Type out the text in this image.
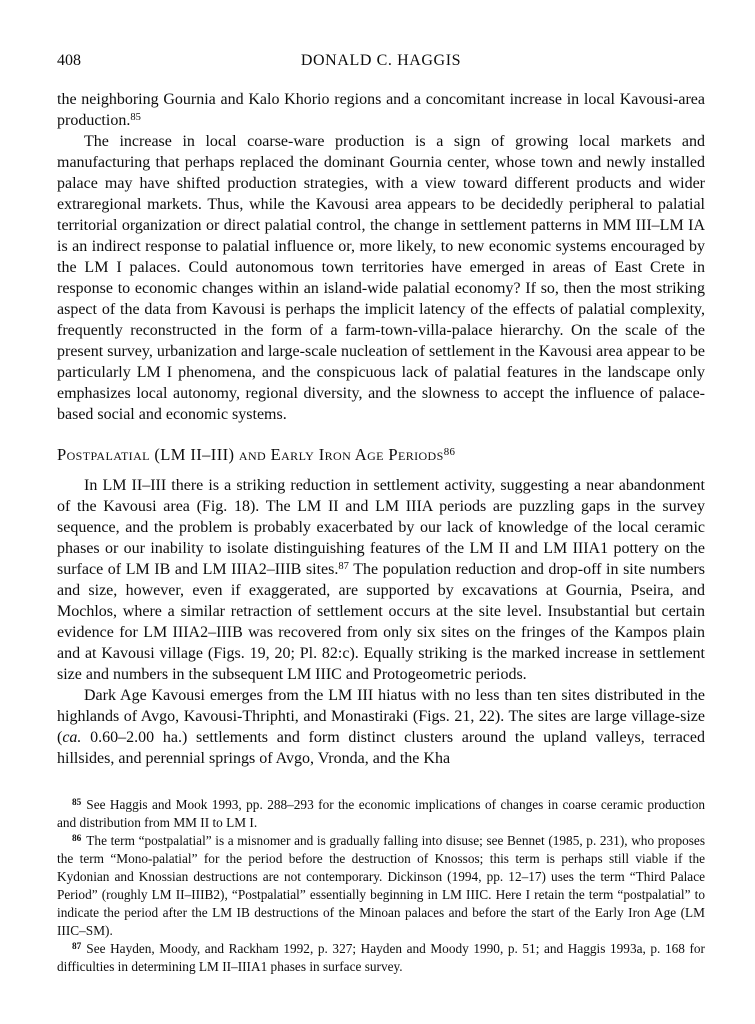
408	DONALD C. HAGGIS

the neighboring Gournia and Kalo Khorio regions and a concomitant increase in local Kavousi-area production.$^{85}$

The increase in local coarse-ware production is a sign of growing local markets and manufacturing that perhaps replaced the dominant Gournia center, whose town and newly installed palace may have shifted production strategies, with a view toward different products and wider extraregional markets. Thus, while the Kavousi area appears to be decidedly peripheral to palatial territorial organization or direct palatial control, the change in settlement patterns in MM III–LM IA is an indirect response to palatial influence or, more likely, to new economic systems encouraged by the LM I palaces. Could autonomous town territories have emerged in areas of East Crete in response to economic changes within an island-wide palatial economy? If so, then the most striking aspect of the data from Kavousi is perhaps the implicit latency of the effects of palatial complexity, frequently reconstructed in the form of a farm-town-villa-palace hierarchy. On the scale of the present survey, urbanization and large-scale nucleation of settlement in the Kavousi area appear to be particularly LM I phenomena, and the conspicuous lack of palatial features in the landscape only emphasizes local autonomy, regional diversity, and the slowness to accept the influence of palace-based social and economic systems.

Postpalatial (LM II–III) and Early Iron Age Periods$^{86}$

In LM II–III there is a striking reduction in settlement activity, suggesting a near abandonment of the Kavousi area (Fig. 18). The LM II and LM IIIA periods are puzzling gaps in the survey sequence, and the problem is probably exacerbated by our lack of knowledge of the local ceramic phases or our inability to isolate distinguishing features of the LM II and LM IIIA1 pottery on the surface of LM IB and LM IIIA2–IIIB sites.$^{87}$ The population reduction and drop-off in site numbers and size, however, even if exaggerated, are supported by excavations at Gournia, Pseira, and Mochlos, where a similar retraction of settlement occurs at the site level. Insubstantial but certain evidence for LM IIIA2–IIIB was recovered from only six sites on the fringes of the Kampos plain and at Kavousi village (Figs. 19, 20; Pl. 82:c). Equally striking is the marked increase in settlement size and numbers in the subsequent LM IIIC and Protogeometric periods.

Dark Age Kavousi emerges from the LM III hiatus with no less than ten sites distributed in the highlands of Avgo, Kavousi-Thriphti, and Monastiraki (Figs. 21, 22). The sites are large village-size (ca. 0.60–2.00 ha.) settlements and form distinct clusters around the upland valleys, terraced hillsides, and perennial springs of Avgo, Vronda, and the Kha

$^{85}$ See Haggis and Mook 1993, pp. 288–293 for the economic implications of changes in coarse ceramic production and distribution from MM II to LM I.

$^{86}$ The term “postpalatial” is a misnomer and is gradually falling into disuse; see Bennet (1985, p. 231), who proposes the term “Mono-palatial” for the period before the destruction of Knossos; this term is perhaps still viable if the Kydonian and Knossian destructions are not contemporary. Dickinson (1994, pp. 12–17) uses the term “Third Palace Period” (roughly LM II–IIIB2), “Postpalatial” essentially beginning in LM IIIC. Here I retain the term “postpalatial” to indicate the period after the LM IB destructions of the Minoan palaces and before the start of the Early Iron Age (LM IIIC–SM).

$^{87}$ See Hayden, Moody, and Rackham 1992, p. 327; Hayden and Moody 1990, p. 51; and Haggis 1993a, p. 168 for difficulties in determining LM II–IIIA1 phases in surface survey.
